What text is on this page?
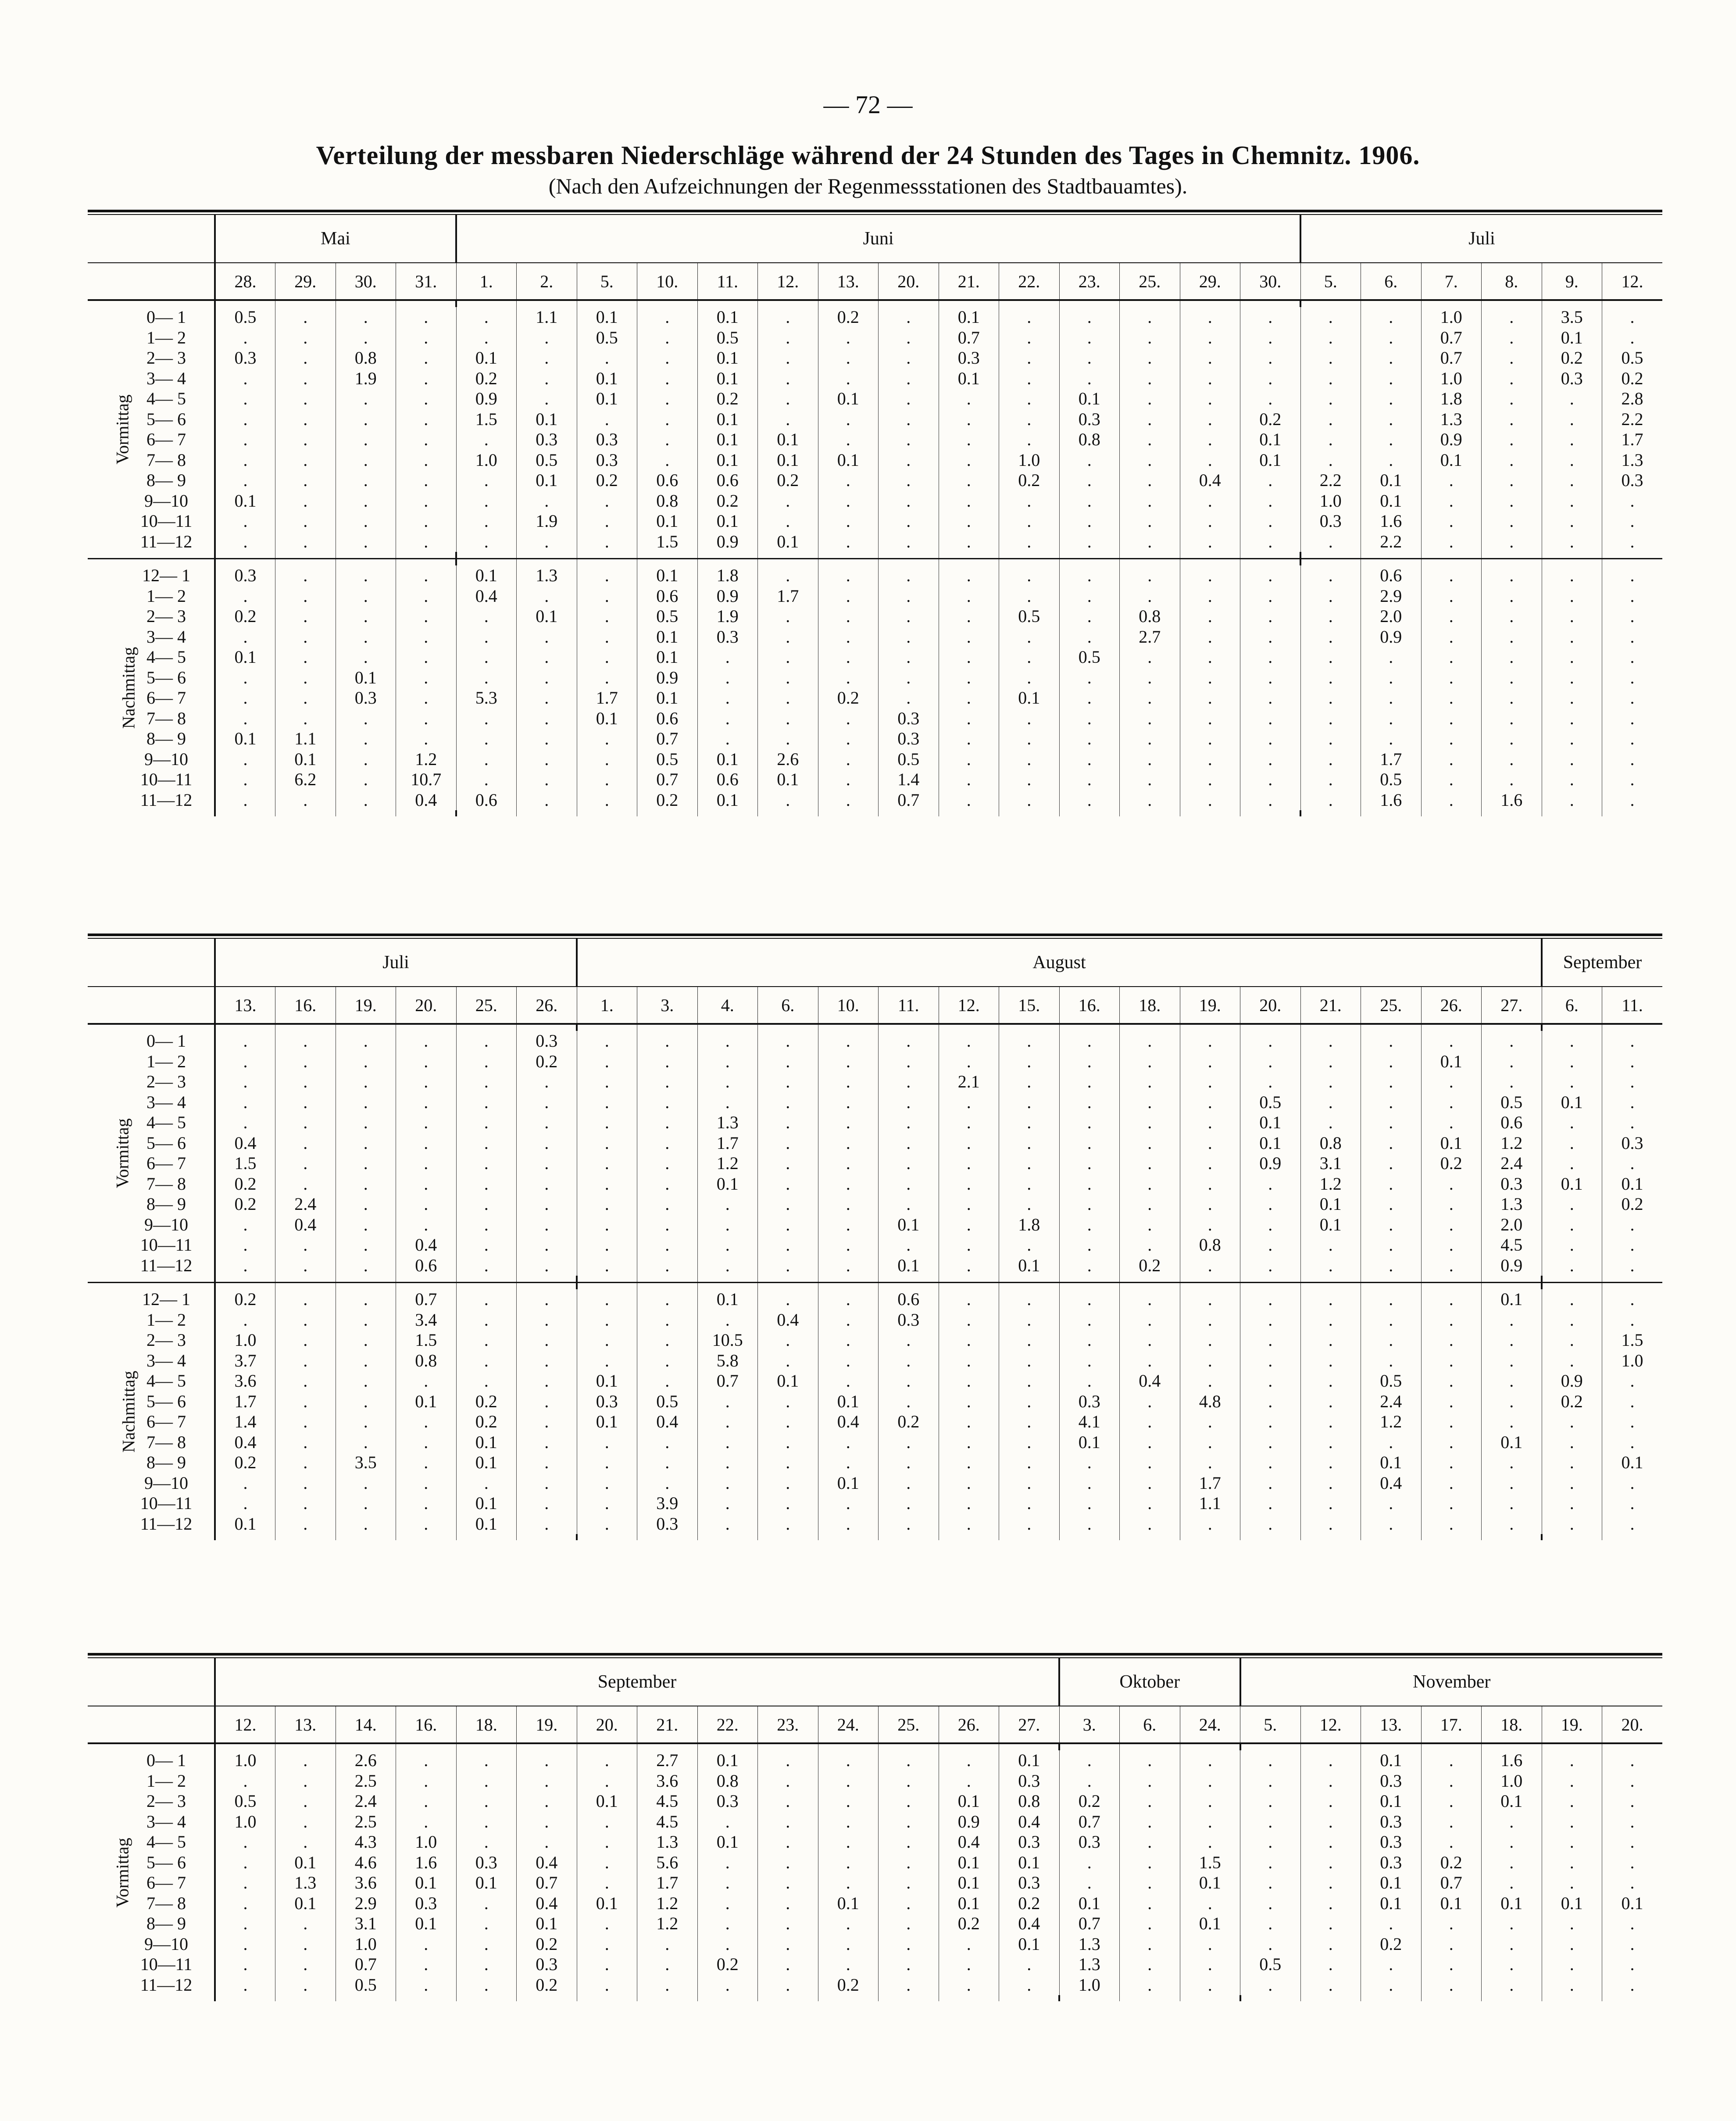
— 72 —
Verteilung der messbaren Niederschläge während der 24 Stunden des Tages in Chemnitz. 1906.
(Nach den Aufzeichnungen der Regenmessstationen des Stadtbauamtes).
		Mai				Juni														Juli					
		28.	29.	30.	31.	1.	2.	5.	10.	11.	12.	13.	20.	21.	22.	23.	25.	29.	30.	5.	6.	7.	8.	9.	12.

Vormittag	0— 1	0.5	.	.	.	.	1.1	0.1	.	0.1	.	0.2	.	0.1	.	.	.	.	.	.	.	1.0	.	3.5	.
	1— 2	.	.	.	.	.	.	0.5	.	0.5	.	.	.	0.7	.	.	.	.	.	.	.	0.7	.	0.1	.
	2— 3	0.3	.	0.8	.	0.1	.	.	.	0.1	.	.	.	0.3	.	.	.	.	.	.	.	0.7	.	0.2	0.5
	3— 4	.	.	1.9	.	0.2	.	0.1	.	0.1	.	.	.	0.1	.	.	.	.	.	.	.	1.0	.	0.3	0.2
	4— 5	.	.	.	.	0.9	.	0.1	.	0.2	.	0.1	.	.	.	0.1	.	.	.	.	.	1.8	.	.	2.8
	5— 6	.	.	.	.	1.5	0.1	.	.	0.1	.	.	.	.	.	0.3	.	.	0.2	.	.	1.3	.	.	2.2
	6— 7	.	.	.	.	.	0.3	0.3	.	0.1	0.1	.	.	.	.	0.8	.	.	0.1	.	.	0.9	.	.	1.7
	7— 8	.	.	.	.	1.0	0.5	0.3	.	0.1	0.1	0.1	.	.	1.0	.	.	.	0.1	.	.	0.1	.	.	1.3
	8— 9	.	.	.	.	.	0.1	0.2	0.6	0.6	0.2	.	.	.	0.2	.	.	0.4	.	2.2	0.1	.	.	.	0.3
	9—10	0.1	.	.	.	.	.	.	0.8	0.2	.	.	.	.	.	.	.	.	.	1.0	0.1	.	.	.	.
	10—11	.	.	.	.	.	1.9	.	0.1	0.1	.	.	.	.	.	.	.	.	.	0.3	1.6	.	.	.	.
	11—12	.	.	.	.	.	.	.	1.5	0.9	0.1	.	.	.	.	.	.	.	.	.	2.2	.	.	.	.

Nachmittag	12— 1	0.3	.	.	.	0.1	1.3	.	0.1	1.8	.	.	.	.	.	.	.	.	.	.	0.6	.	.	.	.
	1— 2	.	.	.	.	0.4	.	.	0.6	0.9	1.7	.	.	.	.	.	.	.	.	.	2.9	.	.	.	.
	2— 3	0.2	.	.	.	.	0.1	.	0.5	1.9	.	.	.	.	0.5	.	0.8	.	.	.	2.0	.	.	.	.
	3— 4	.	.	.	.	.	.	.	0.1	0.3	.	.	.	.	.	.	2.7	.	.	.	0.9	.	.	.	.
	4— 5	0.1	.	.	.	.	.	.	0.1	.	.	.	.	.	.	0.5	.	.	.	.	.	.	.	.	.
	5— 6	.	.	0.1	.	.	.	.	0.9	.	.	.	.	.	.	.	.	.	.	.	.	.	.	.	.
	6— 7	.	.	0.3	.	5.3	.	1.7	0.1	.	.	0.2	.	.	0.1	.	.	.	.	.	.	.	.	.	.
	7— 8	.	.	.	.	.	.	0.1	0.6	.	.	.	0.3	.	.	.	.	.	.	.	.	.	.	.	.
	8— 9	0.1	1.1	.	.	.	.	.	0.7	.	.	.	0.3	.	.	.	.	.	.	.	.	.	.	.	.
	9—10	.	0.1	.	1.2	.	.	.	0.5	0.1	2.6	.	0.5	.	.	.	.	.	.	.	1.7	.	.	.	.
	10—11	.	6.2	.	10.7	.	.	.	0.7	0.6	0.1	.	1.4	.	.	.	.	.	.	.	0.5	.	.	.	.
	11—12	.	.	.	0.4	0.6	.	.	0.2	0.1	.	.	0.7	.	.	.	.	.	.	.	1.6	.	1.6	.	.

		Juli						August																September	
		13.	16.	19.	20.	25.	26.	1.	3.	4.	6.	10.	11.	12.	15.	16.	18.	19.	20.	21.	25.	26.	27.	6.	11.

Vormittag	0— 1	.	.	.	.	.	0.3	.	.	.	.	.	.	.	.	.	.	.	.	.	.	.	.	.	.
	1— 2	.	.	.	.	.	0.2	.	.	.	.	.	.	.	.	.	.	.	.	.	.	0.1	.	.	.
	2— 3	.	.	.	.	.	.	.	.	.	.	.	.	2.1	.	.	.	.	.	.	.	.	.	.	.
	3— 4	.	.	.	.	.	.	.	.	.	.	.	.	.	.	.	.	.	0.5	.	.	.	0.5	0.1	.
	4— 5	.	.	.	.	.	.	.	.	1.3	.	.	.	.	.	.	.	.	0.1	.	.	.	0.6	.	.
	5— 6	0.4	.	.	.	.	.	.	.	1.7	.	.	.	.	.	.	.	.	0.1	0.8	.	0.1	1.2	.	0.3
	6— 7	1.5	.	.	.	.	.	.	.	1.2	.	.	.	.	.	.	.	.	0.9	3.1	.	0.2	2.4	.	.
	7— 8	0.2	.	.	.	.	.	.	.	0.1	.	.	.	.	.	.	.	.	.	1.2	.	.	0.3	0.1	0.1
	8— 9	0.2	2.4	.	.	.	.	.	.	.	.	.	.	.	.	.	.	.	.	0.1	.	.	1.3	.	0.2
	9—10	.	0.4	.	.	.	.	.	.	.	.	.	0.1	.	1.8	.	.	.	.	0.1	.	.	2.0	.	.
	10—11	.	.	.	0.4	.	.	.	.	.	.	.	.	.	.	.	.	0.8	.	.	.	.	4.5	.	.
	11—12	.	.	.	0.6	.	.	.	.	.	.	.	0.1	.	0.1	.	0.2	.	.	.	.	.	0.9	.	.

Nachmittag	12— 1	0.2	.	.	0.7	.	.	.	.	0.1	.	.	0.6	.	.	.	.	.	.	.	.	.	0.1	.	.
	1— 2	.	.	.	3.4	.	.	.	.	.	0.4	.	0.3	.	.	.	.	.	.	.	.	.	.	.	.
	2— 3	1.0	.	.	1.5	.	.	.	.	10.5	.	.	.	.	.	.	.	.	.	.	.	.	.	.	1.5
	3— 4	3.7	.	.	0.8	.	.	.	.	5.8	.	.	.	.	.	.	.	.	.	.	.	.	.	.	1.0
	4— 5	3.6	.	.	.	.	.	0.1	.	0.7	0.1	.	.	.	.	.	0.4	.	.	.	0.5	.	.	0.9	.
	5— 6	1.7	.	.	0.1	0.2	.	0.3	0.5	.	.	0.1	.	.	.	0.3	.	4.8	.	.	2.4	.	.	0.2	.
	6— 7	1.4	.	.	.	0.2	.	0.1	0.4	.	.	0.4	0.2	.	.	4.1	.	.	.	.	1.2	.	.	.	.
	7— 8	0.4	.	.	.	0.1	.	.	.	.	.	.	.	.	.	0.1	.	.	.	.	.	.	0.1	.	.
	8— 9	0.2	.	3.5	.	0.1	.	.	.	.	.	.	.	.	.	.	.	.	.	.	0.1	.	.	.	0.1
	9—10	.	.	.	.	.	.	.	.	.	.	0.1	.	.	.	.	.	1.7	.	.	0.4	.	.	.	.
	10—11	.	.	.	.	0.1	.	.	3.9	.	.	.	.	.	.	.	.	1.1	.	.	.	.	.	.	.
	11—12	0.1	.	.	.	0.1	.	.	0.3	.	.	.	.	.	.	.	.	.	.	.	.	.	.	.	.

		September														Oktober			November						
		12.	13.	14.	16.	18.	19.	20.	21.	22.	23.	24.	25.	26.	27.	3.	6.	24.	5.	12.	13.	17.	18.	19.	20.

Vormittag	0— 1	1.0	.	2.6	.	.	.	.	2.7	0.1	.	.	.	.	0.1	.	.	.	.	.	0.1	.	1.6	.	.
	1— 2	.	.	2.5	.	.	.	.	3.6	0.8	.	.	.	.	0.3	.	.	.	.	.	0.3	.	1.0	.	.
	2— 3	0.5	.	2.4	.	.	.	0.1	4.5	0.3	.	.	.	0.1	0.8	0.2	.	.	.	.	0.1	.	0.1	.	.
	3— 4	1.0	.	2.5	.	.	.	.	4.5	.	.	.	.	0.9	0.4	0.7	.	.	.	.	0.3	.	.	.	.
	4— 5	.	.	4.3	1.0	.	.	.	1.3	0.1	.	.	.	0.4	0.3	0.3	.	.	.	.	0.3	.	.	.	.
	5— 6	.	0.1	4.6	1.6	0.3	0.4	.	5.6	.	.	.	.	0.1	0.1	.	.	1.5	.	.	0.3	0.2	.	.	.
	6— 7	.	1.3	3.6	0.1	0.1	0.7	.	1.7	.	.	.	.	0.1	0.3	.	.	0.1	.	.	0.1	0.7	.	.	.
	7— 8	.	0.1	2.9	0.3	.	0.4	0.1	1.2	.	.	0.1	.	0.1	0.2	0.1	.	.	.	.	0.1	0.1	0.1	0.1	0.1
	8— 9	.	.	3.1	0.1	.	0.1	.	1.2	.	.	.	.	0.2	0.4	0.7	.	0.1	.	.	.	.	.	.	.
	9—10	.	.	1.0	.	.	0.2	.	.	.	.	.	.	.	0.1	1.3	.	.	.	.	0.2	.	.	.	.
	10—11	.	.	0.7	.	.	0.3	.	.	0.2	.	.	.	.	.	1.3	.	.	0.5	.	.	.	.	.	.
	11—12	.	.	0.5	.	.	0.2	.	.	.	.	0.2	.	.	.	1.0	.	.	.	.	.	.	.	.	.
